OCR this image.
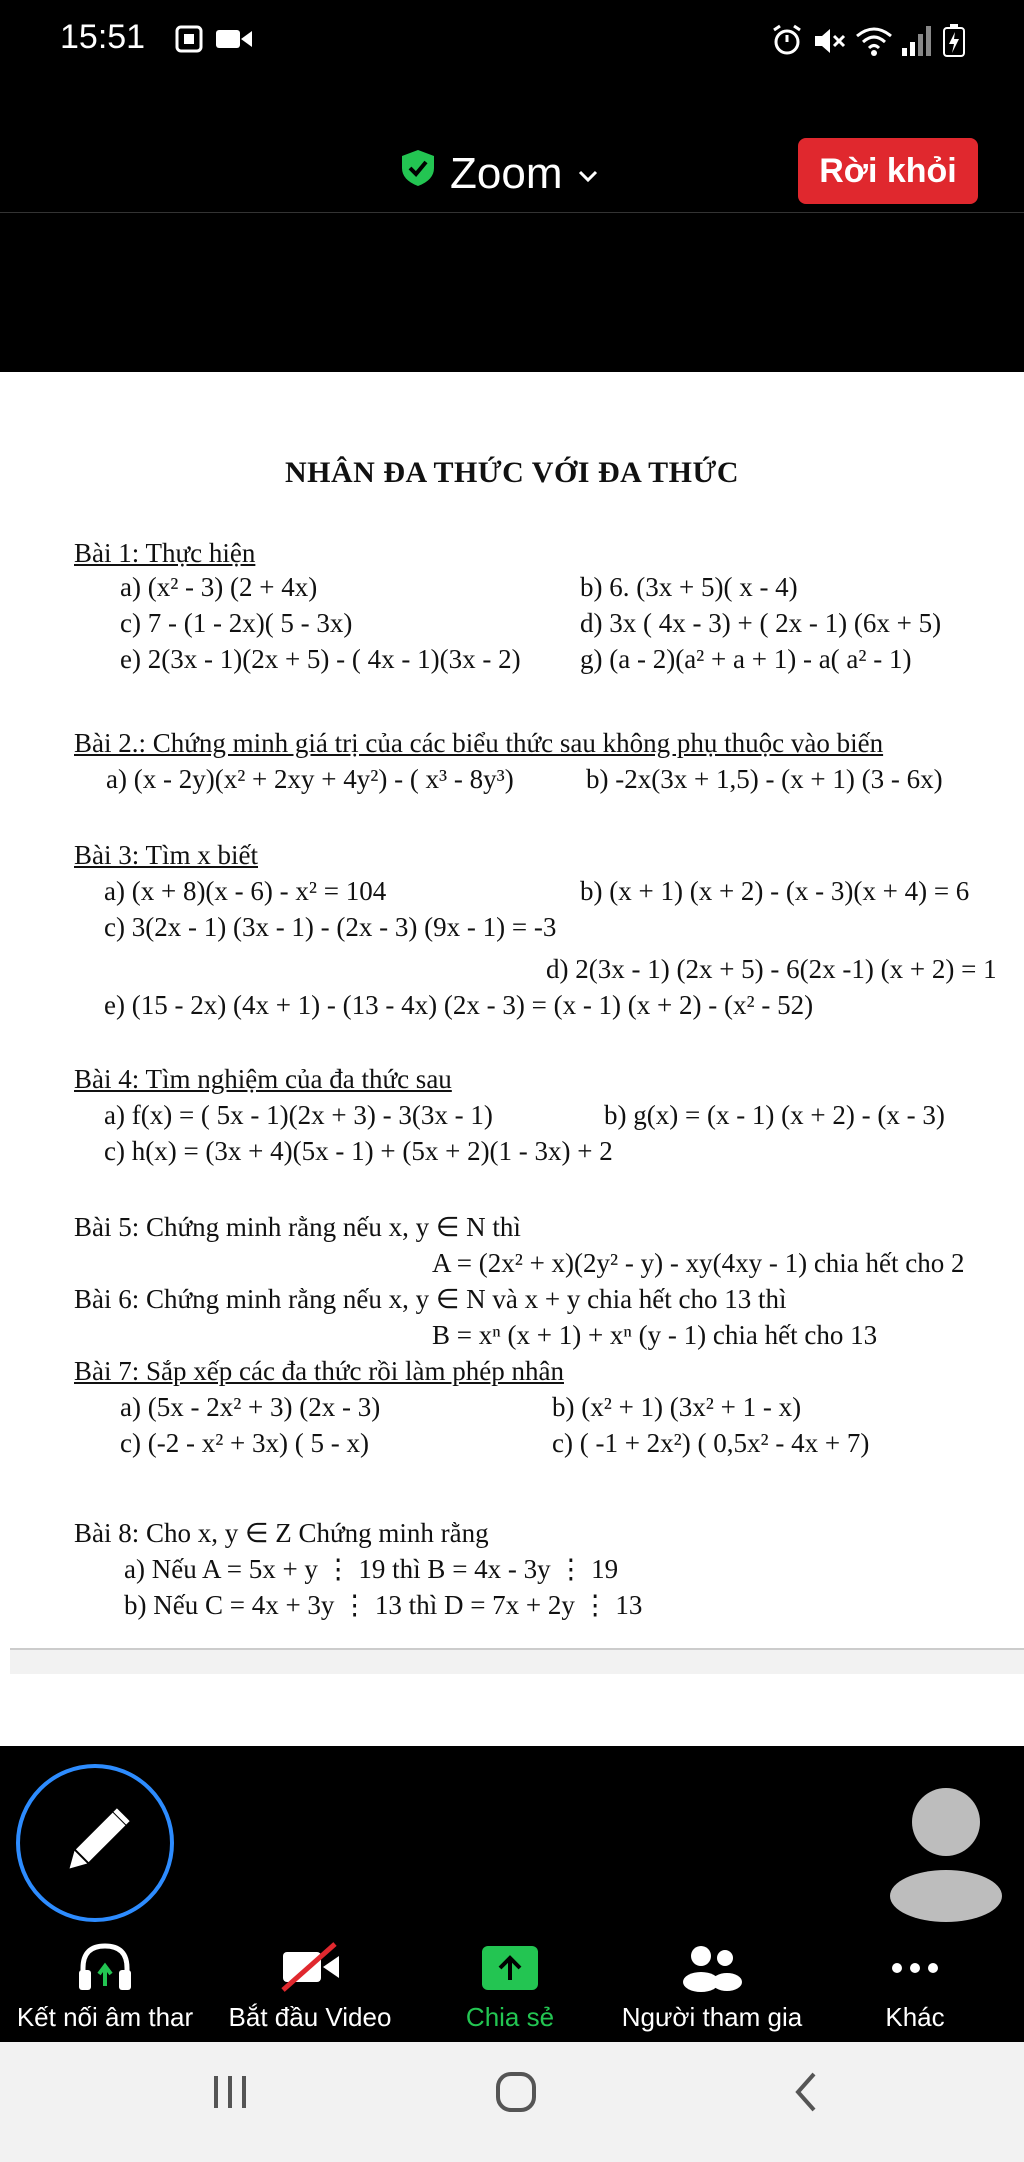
15:51
Zoom	Rời khỏi
NHÂN ĐA THỨC VỚI ĐA THỨC
Bài 1: Thực hiện
a) (x² - 3) (2 + 4x)	b) 6. (3x + 5)( x - 4)
c) 7 - (1 - 2x)( 5 - 3x)	d) 3x ( 4x - 3) + ( 2x - 1) (6x + 5)
e) 2(3x - 1)(2x + 5) - ( 4x - 1)(3x - 2) g) (a - 2)(a² + a + 1) - a( a² - 1)
Bài 2.: Chứng minh giá trị của các biểu thức sau không phụ thuộc vào biến
a) (x - 2y)(x² + 2xy + 4y²) - ( x³ - 8y³)	b) -2x(3x + 1,5) - (x + 1) (3 - 6x)
Bài 3: Tìm x biết
a) (x + 8)(x - 6) - x² = 104	b) (x + 1) (x + 2) - (x - 3)(x + 4) = 6
c) 3(2x - 1) (3x - 1) - (2x - 3) (9x - 1) = -3
d) 2(3x - 1) (2x + 5) - 6(2x -1) (x + 2) = 1
e) (15 - 2x) (4x + 1) - (13 - 4x) (2x - 3) = (x - 1) (x + 2) - (x² - 52)
Bài 4: Tìm nghiệm của đa thức sau
a) f(x) = ( 5x - 1)(2x + 3) - 3(3x - 1)	b) g(x) = (x - 1) (x + 2) - (x - 3)
c) h(x) = (3x + 4)(5x - 1) + (5x + 2)(1 - 3x) + 2
Bài 5: Chứng minh rằng nếu x, y ∈ N thì
A = (2x² + x)(2y² - y) - xy(4xy - 1) chia hết cho 2
Bài 6: Chứng minh rằng nếu x, y ∈ N và x + y chia hết cho 13 thì
B = xⁿ (x + 1) + xⁿ (y - 1) chia hết cho 13
Bài 7: Sắp xếp các đa thức rồi làm phép nhân
a) (5x - 2x² + 3) (2x - 3)	b) (x² + 1) (3x² + 1 - x)
c) (-2 - x² + 3x) ( 5 - x)	c) ( -1 + 2x²) ( 0,5x² - 4x + 7)
Bài 8: Cho x, y ∈ Z Chứng minh rằng
a) Nếu A = 5x + y ⋮ 19 thì B = 4x - 3y ⋮ 19
b) Nếu C = 4x + 3y ⋮ 13 thì D = 7x + 2y ⋮ 13
Kết nối âm thar	Bắt đầu Video	Chia sẻ	Người tham gia	Khác
